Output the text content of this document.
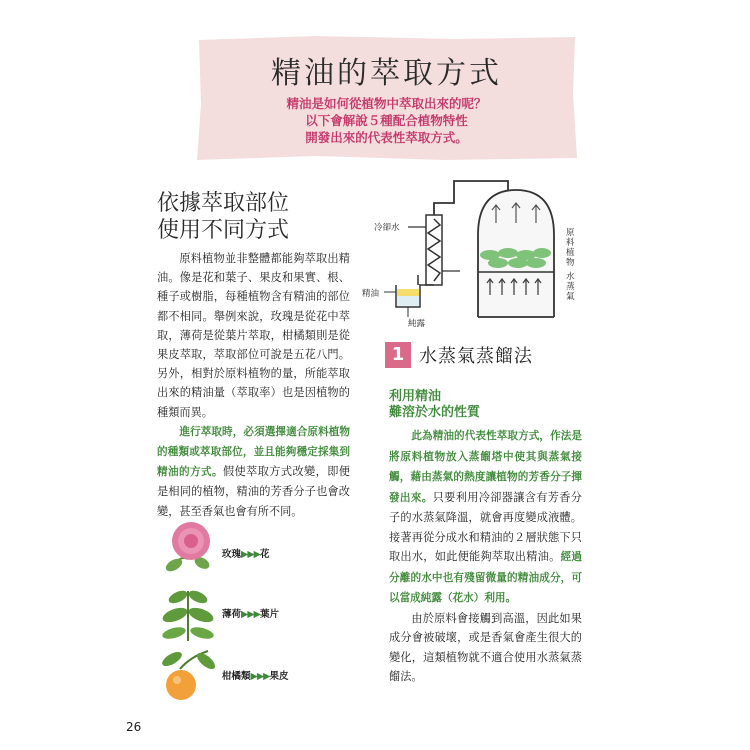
精油的萃取方式
精油是如何從植物中萃取出來的呢？
以下會解說５種配合植物特性
開發出來的代表性萃取方式。
依據萃取部位
使用不同方式

原料植物並非整體都能夠萃取出精油。像是花和葉子、果皮和果實、根、種子或樹脂，每種植物含有精油的部位都不相同。舉例來說，玫瑰是從花中萃取，薄荷是從葉片萃取，柑橘類則是從果皮萃取，萃取部位可說是五花八門。另外，相對於原料植物的量，所能萃取出來的精油量（萃取率）也是因植物的種類而異。

進行萃取時，必須選擇適合原料植物的種類或萃取部位，並且能夠穩定採集到精油的方式。假使萃取方式改變，即便是相同的植物，精油的芳香分子也會改變，甚至香氣也會有所不同。

玫瑰▶▶▶花
薄荷▶▶▶葉片
柑橘類▶▶▶果皮
冷卻水
精油
純露
原料植物
水蒸氣
1 水蒸氣蒸餾法
利用精油
難溶於水的性質

此為精油的代表性萃取方式，作法是將原料植物放入蒸餾塔中使其與蒸氣接觸，藉由蒸氣的熱度讓植物的芳香分子揮發出來。只要利用冷卻器讓含有芳香分子的水蒸氣降溫，就會再度變成液體。接著再從分成水和精油的２層狀態下只取出水，如此便能夠萃取出精油。經過分離的水中也有殘留微量的精油成分，可以當成純露（花水）利用。

由於原料會接觸到高溫，因此如果成分會被破壞，或是香氣會產生很大的變化，這類植物就不適合使用水蒸氣蒸餾法。

26
